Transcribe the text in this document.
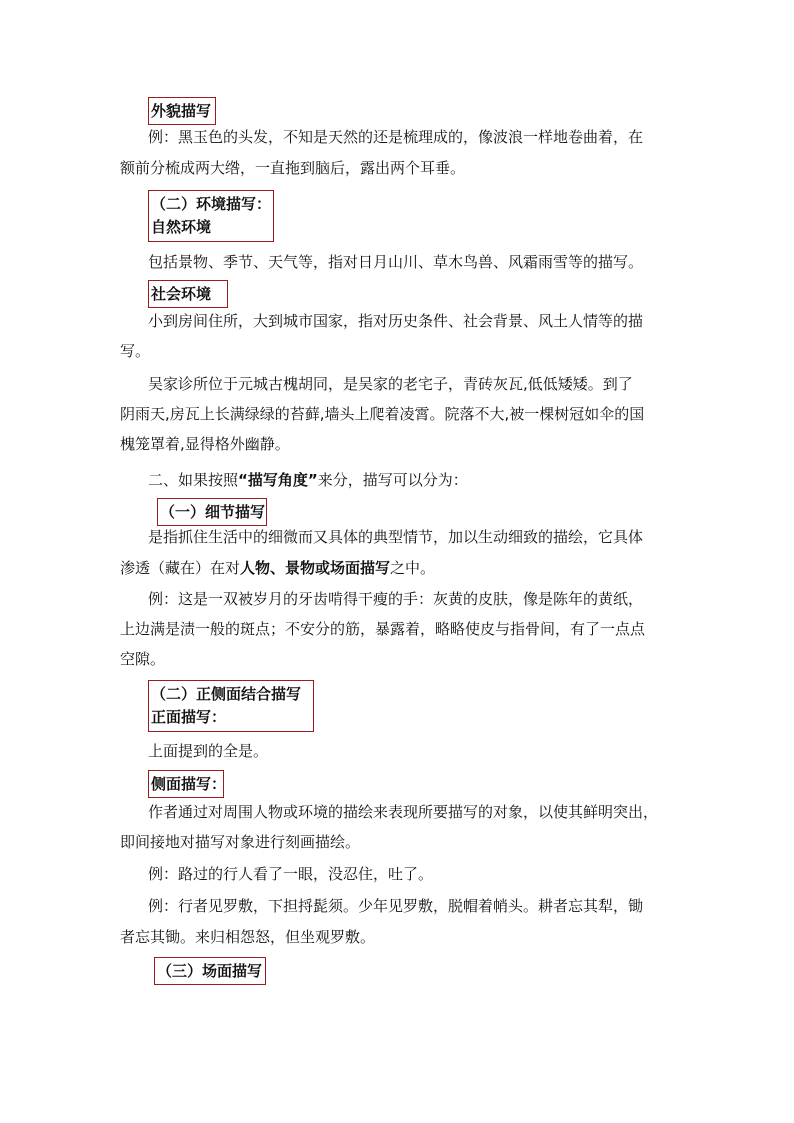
外貌描写

例：黑玉色的头发，不知是天然的还是梳理成的，像波浪一样地卷曲着，在

额前分梳成两大绺，一直拖到脑后，露出两个耳垂。

（二）环境描写：
自然环境

包括景物、季节、天气等，指对日月山川、草木鸟兽、风霜雨雪等的描写。

社会环境

小到房间住所，大到城市国家，指对历史条件、社会背景、风土人情等的描

写。

吴家诊所位于元城古槐胡同，是吴家的老宅子，青砖灰瓦,低低矮矮。到了

阴雨天,房瓦上长满绿绿的苔藓,墙头上爬着凌霄。院落不大,被一棵树冠如伞的国

槐笼罩着,显得格外幽静。

二、如果按照“描写角度”来分，描写可以分为：

（一）细节描写

是指抓住生活中的细微而又具体的典型情节，加以生动细致的描绘，它具体

渗透（藏在）在对人物、景物或场面描写之中。

例：这是一双被岁月的牙齿啃得干瘦的手：灰黄的皮肤，像是陈年的黄纸，

上边满是渍一般的斑点；不安分的筋，暴露着，略略使皮与指骨间，有了一点点

空隙。

（二）正侧面结合描写
正面描写：

上面提到的全是。

侧面描写：

作者通过对周围人物或环境的描绘来表现所要描写的对象，以使其鲜明突出，

即间接地对描写对象进行刻画描绘。

例：路过的行人看了一眼，没忍住，吐了。

例：行者见罗敷，下担捋髭须。少年见罗敷，脱帽着帩头。耕者忘其犁，锄

者忘其锄。来归相怨怒，但坐观罗敷。

（三）场面描写
